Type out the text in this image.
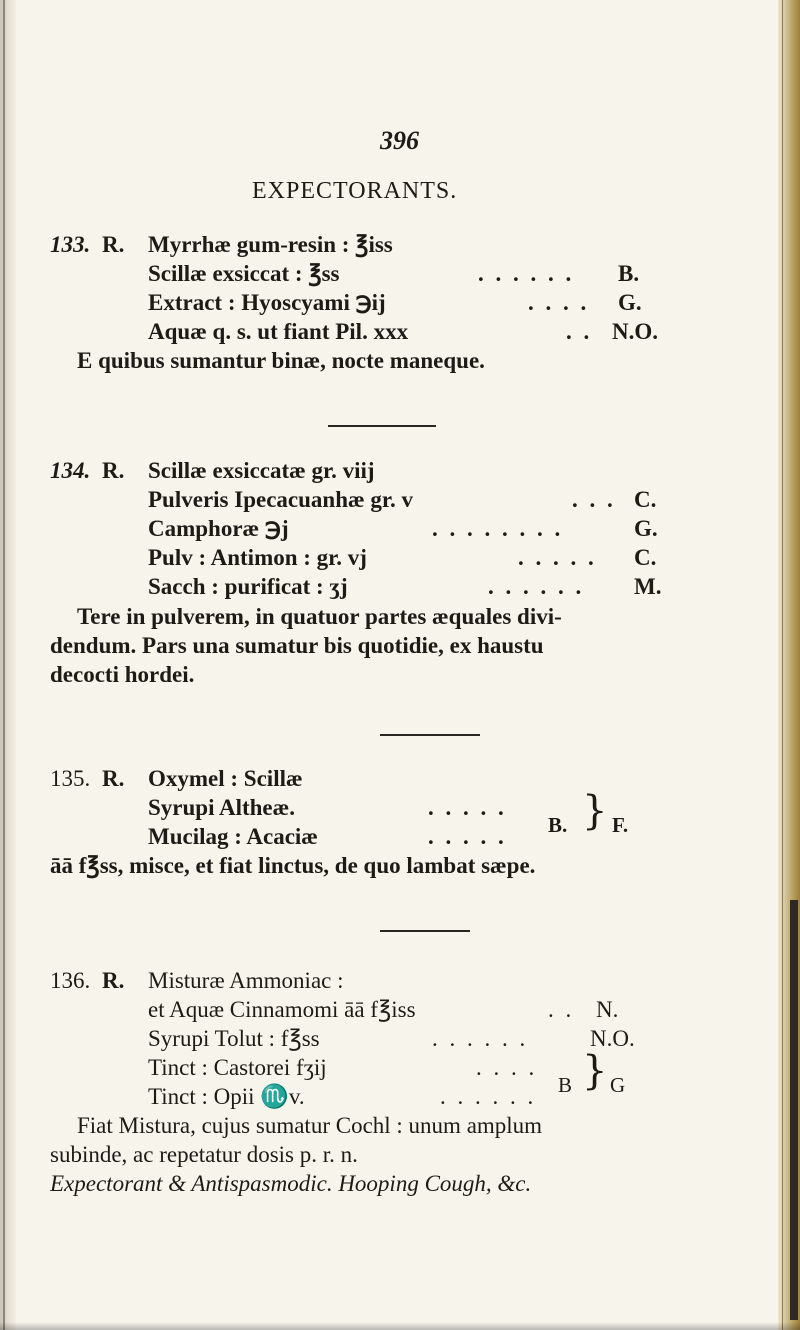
396
EXPECTORANTS.
133. R. Myrrhæ gum-resin : ℥iss
Scillæ exsiccat : ℥ss	. . . . . . B.
Extract : Hyoscyami ℈ij	. . . . G.
Aquæ q. s. ut fiant Pil. xxx	. . N.O.
E quibus sumantur binæ, nocte maneque.
134. R. Scillæ exsiccatæ gr. viij
Pulveris Ipecacuanhæ gr. v	. . . C.
Camphoræ ℈j	. . . . . . . .	G.
Pulv : Antimon : gr. vj	. . . . . C.
Sacch : purificat : ʒj	. . . . . . M.
Tere in pulverem, in quatuor partes æquales divi-
dendum. Pars una sumatur bis quotidie, ex haustu
decocti hordei.
135. R. Oxymel : Scillæ
Syrupi Altheæ.	. . . . .
Mucilag : Acaciæ	. . . . . B. } F.
āā f℥ss, misce, et fiat linctus, de quo lambat sæpe.
136. R. Misturæ Ammoniac :
et Aquæ Cinnamomi āā f℥iss	. . N.
Syrupi Tolut : f℥ss	. . . . . .	N.O.
Tinct : Castorei fʒij	. . . .
Tinct : Opii ♏v.	. . . . . . B } G
Fiat Mistura, cujus sumatur Cochl : unum amplum
subinde, ac repetatur dosis p. r. n.
Expectorant & Antispasmodic. Hooping Cough, &c.
